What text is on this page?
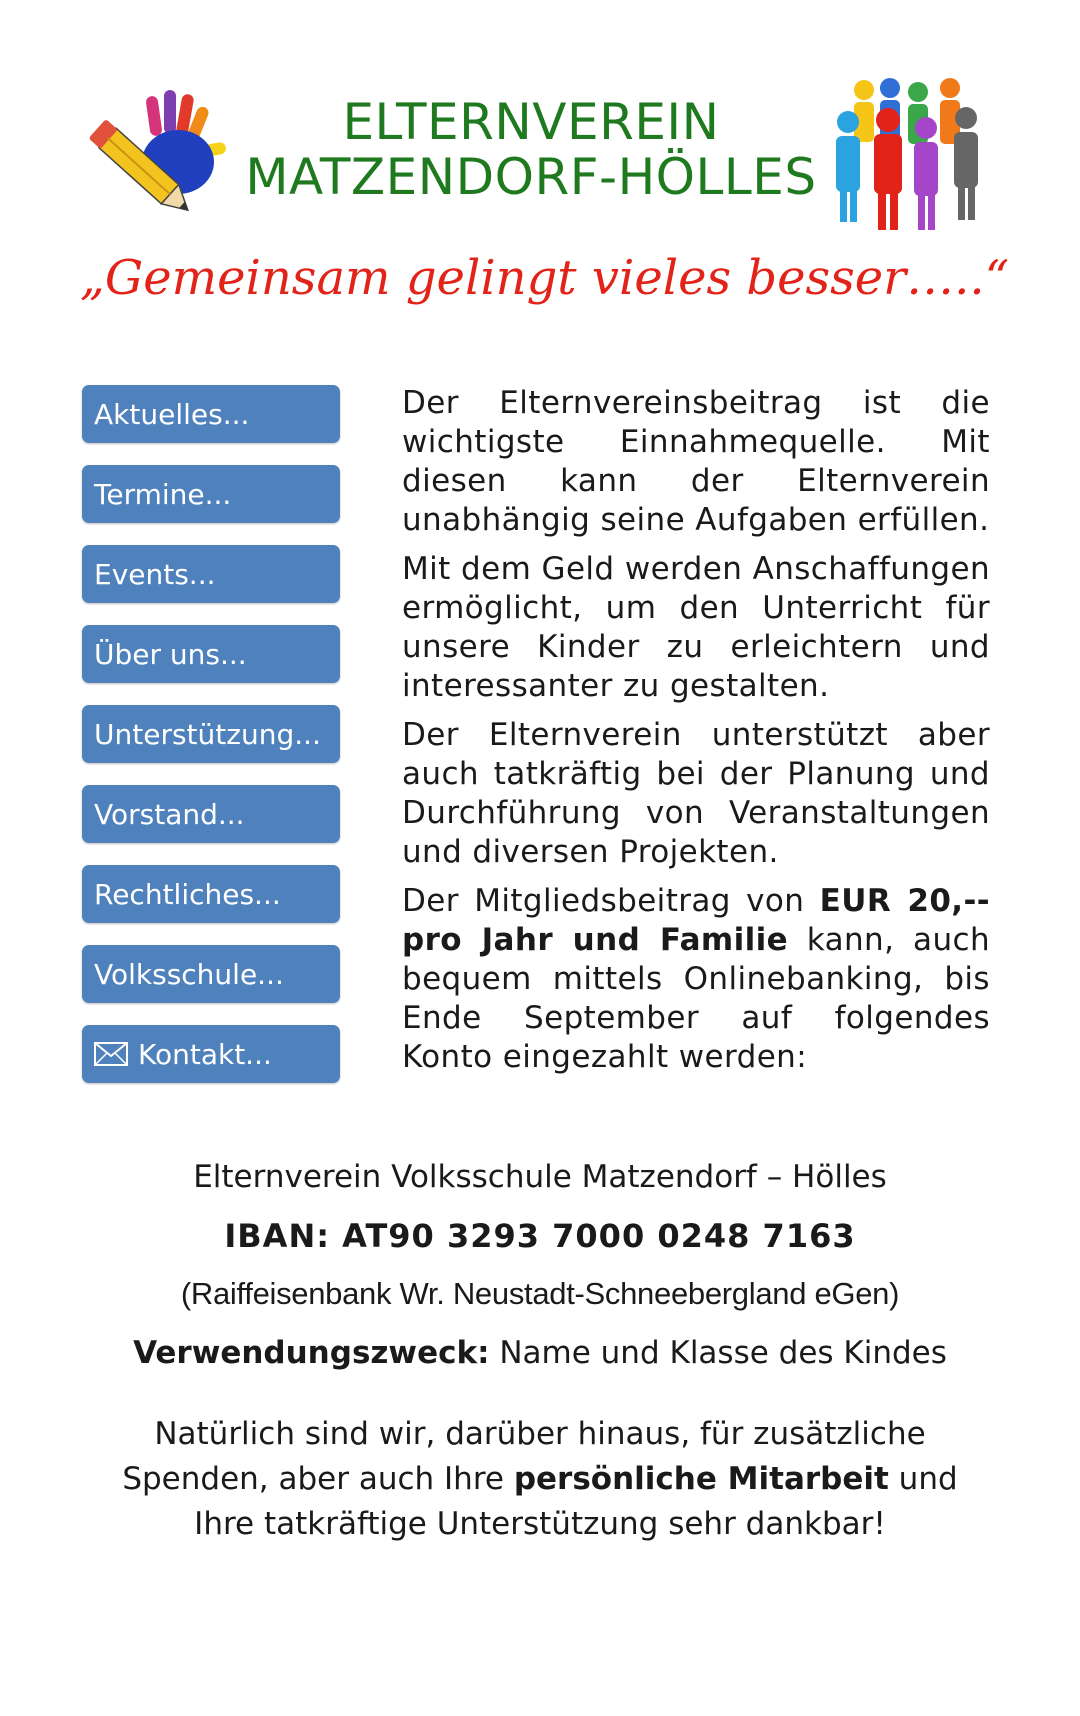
ELTERNVEREIN
MATZENDORF-HÖLLES
„Gemeinsam gelingt vieles besser…..“
Aktuelles...
Termine...
Events...
Über uns...
Unterstützung...
Vorstand...
Rechtliches...
Volksschule...
Kontakt...

Der Elternvereinsbeitrag ist die wichtigste Einnahmequelle. Mit diesen kann der Elternverein unabhängig seine Aufgaben erfüllen.

Mit dem Geld werden Anschaffungen ermöglicht, um den Unterricht für unsere Kinder zu erleichtern und interessanter zu gestalten.

Der Elternverein unterstützt aber auch tatkräftig bei der Planung und Durchführung von Veranstaltungen und diversen Projekten.

Der Mitgliedsbeitrag von EUR 20,-- pro Jahr und Familie kann, auch bequem mittels Onlinebanking, bis Ende September auf folgendes Konto eingezahlt werden:

Elternverein Volksschule Matzendorf – Hölles
IBAN: AT90 3293 7000 0248 7163
(Raiffeisenbank Wr. Neustadt-Schneebergland eGen)
Verwendungszweck: Name und Klasse des Kindes

Natürlich sind wir, darüber hinaus, für zusätzliche

Spenden, aber auch Ihre persönliche Mitarbeit und

Ihre tatkräftige Unterstützung sehr dankbar!
